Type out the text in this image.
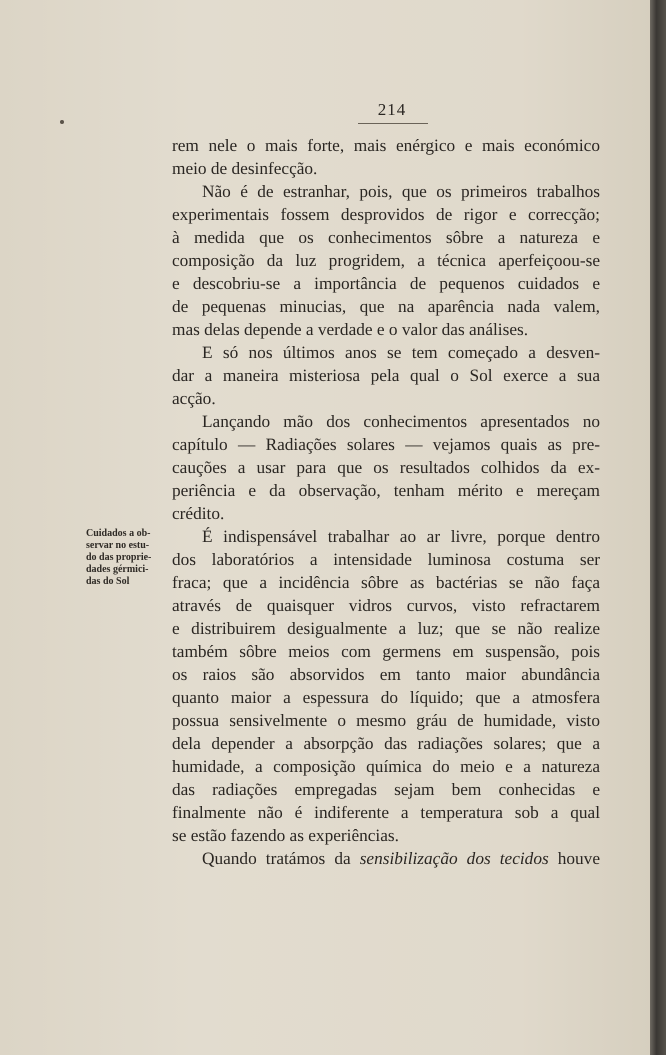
214
Cuidados a ob-
servar no estu-
do das proprie-
dades gérmici-
das do Sol

rem nele o mais forte, mais enérgico e mais económico
meio de desinfecção.

Não é de estranhar, pois, que os primeiros trabalhos
experimentais fossem desprovidos de rigor e correcção;
à medida que os conhecimentos sôbre a natureza e
composição da luz progridem, a técnica aperfeiçoou-se
e descobriu-se a importância de pequenos cuidados e
de pequenas minucias, que na aparência nada valem,
mas delas depende a verdade e o valor das análises.

E só nos últimos anos se tem começado a desven-
dar a maneira misteriosa pela qual o Sol exerce a sua
acção.

Lançando mão dos conhecimentos apresentados no
capítulo — Radiações solares — vejamos quais as pre-
cauções a usar para que os resultados colhidos da ex-
periência e da observação, tenham mérito e mereçam
crédito.

É indispensável trabalhar ao ar livre, porque dentro
dos laboratórios a intensidade luminosa costuma ser
fraca; que a incidência sôbre as bactérias se não faça
através de quaisquer vidros curvos, visto refractarem
e distribuirem desigualmente a luz; que se não realize
também sôbre meios com germens em suspensão, pois
os raios são absorvidos em tanto maior abundância
quanto maior a espessura do líquido; que a atmosfera
possua sensivelmente o mesmo gráu de humidade, visto
dela depender a absorpção das radiações solares; que a
humidade, a composição química do meio e a natureza
das radiações empregadas sejam bem conhecidas e
finalmente não é indiferente a temperatura sob a qual
se estão fazendo as experiências.

Quando tratámos da sensibilização dos tecidos houve
